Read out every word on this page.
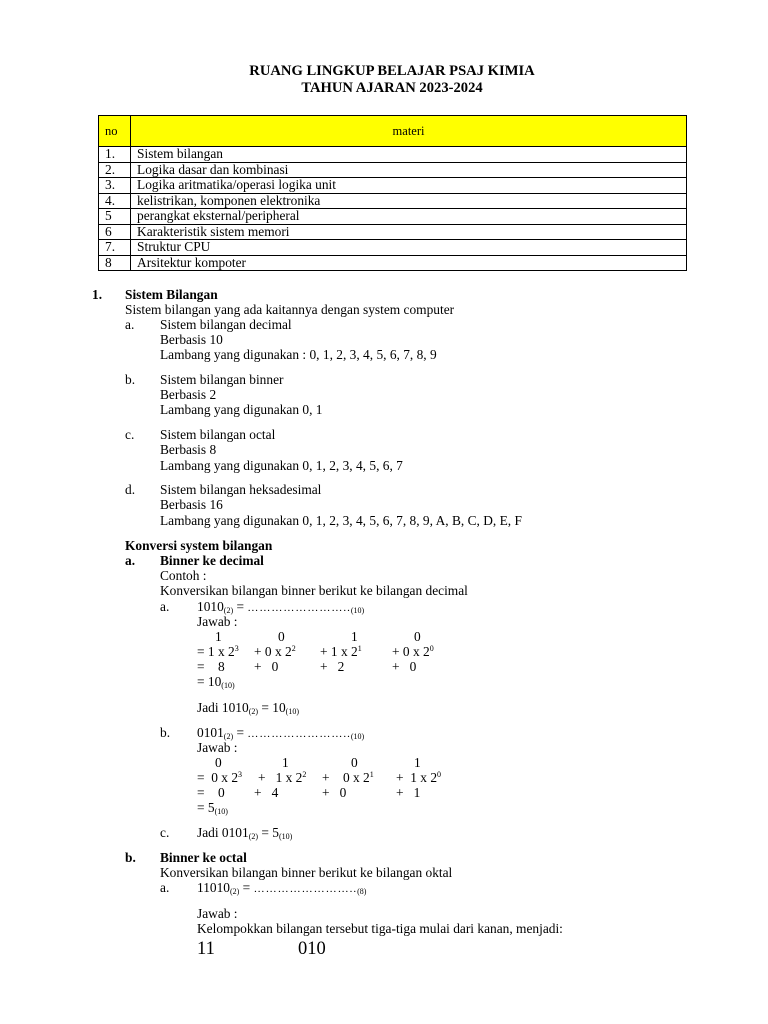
RUANG LINGKUP BELAJAR PSAJ KIMIA
TAHUN AJARAN 2023-2024
no	materi
1.	Sistem bilangan
2.	Logika dasar dan kombinasi
3.	Logika aritmatika/operasi logika unit
4.	kelistrikan, komponen elektronika
5	perangkat eksternal/peripheral
6	Karakteristik sistem memori
7.	Struktur CPU
8	Arsitektur kompoter
1. Sistem Bilangan
Sistem bilangan yang ada kaitannya dengan system computer
a. Sistem bilangan decimal
Berbasis 10
Lambang yang digunakan : 0, 1, 2, 3, 4, 5, 6, 7, 8, 9
b. Sistem bilangan binner
Berbasis 2
Lambang yang digunakan 0, 1
c. Sistem bilangan octal
Berbasis 8
Lambang yang digunakan 0, 1, 2, 3, 4, 5, 6, 7
d. Sistem bilangan heksadesimal
Berbasis 16
Lambang yang digunakan 0, 1, 2, 3, 4, 5, 6, 7, 8, 9, A, B, C, D, E, F
Konversi system bilangan
a. Binner ke decimal
Contoh :
Konversikan bilangan binner berikut ke bilangan decimal
a. $1010_{(2)}$ = $\dots\dots\dots\dots\dots\dots\dots\dots.._{(10)}$
Jawab :
1	0	1	0
= 1 x $2^3 + 0$ x $2^2 + 1$ x $2^1 + 0$ x $2^0$
=    8 +   0	+   2	+   0
= $10_{(10)}$
Jadi $1010_{(2)} = 10_{(10)}$
b. $0101_{(2)}$ = $\dots\dots\dots\dots\dots\dots\dots\dots.._{(10)}$
Jawab :
0	1	0	1
=  0 x $2^3 + 1$ x $2^2$ +    0 x $2^1 + 1$ x $2^0$
=    0 +   4	+   0	+   1
= $5_{(10)}$
c. Jadi $0101_{(2)} = 5_{(10)}$
b. Binner ke octal
Konversikan bilangan binner berikut ke bilangan oktal
a. $11010_{(2)}$ = $\dots\dots\dots\dots\dots\dots\dots\dots.._{(8)}$
Jawab :
Kelompokkan bilangan tersebut tiga-tiga mulai dari kanan, menjadi:
11	010
